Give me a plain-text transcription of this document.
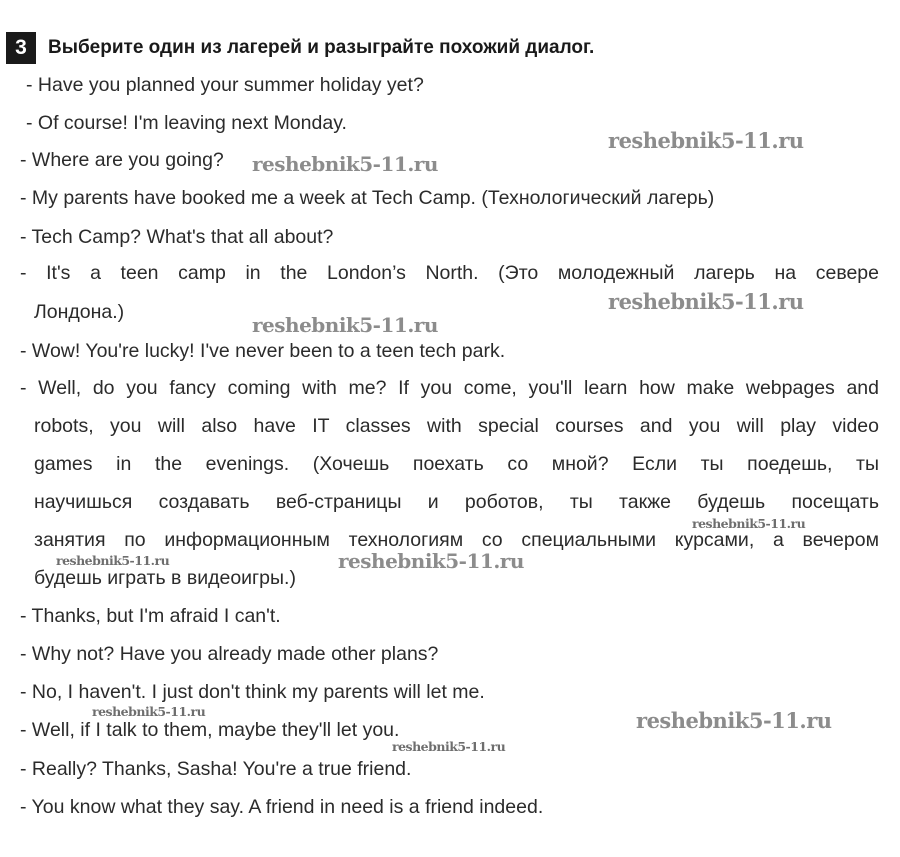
3	Выберите один из лагерей и разыграйте похожий диалог.
- Have you planned your summer holiday yet?
- Of course! I'm leaving next Monday.
- Where are you going?
- My parents have booked me a week at Tech Camp. (Технологический лагерь)
- Tech Camp? What's that all about?
- It's a teen camp in the London’s North. (Это молодежный лагерь на севере
Лондона.)
- Wow! You're lucky! I've never been to a teen tech park.
- Well, do you fancy coming with me? If you come, you'll learn how make webpages and
robots, you will also have IT classes with special courses and you will play video
games in the evenings. (Хочешь поехать со мной? Если ты поедешь, ты
научишься создавать веб-страницы и роботов, ты также будешь посещать
занятия по информационным технологиям со специальными курсами, а вечером
будешь играть в видеоигры.)
- Thanks, but I'm afraid I can't.
- Why not? Have you already made other plans?
- No, I haven't. I just don't think my parents will let me.
- Well, if I talk to them, maybe they'll let you.
- Really? Thanks, Sasha! You're a true friend.
- You know what they say. A friend in need is a friend indeed.
reshebnik5-11.ru
reshebnik5-11.ru
reshebnik5-11.ru
reshebnik5-11.ru
reshebnik5-11.ru
reshebnik5-11.ru
reshebnik5-11.ru
reshebnik5-11.ru	reshebnik5-11.ru
reshebnik5-11.ru
